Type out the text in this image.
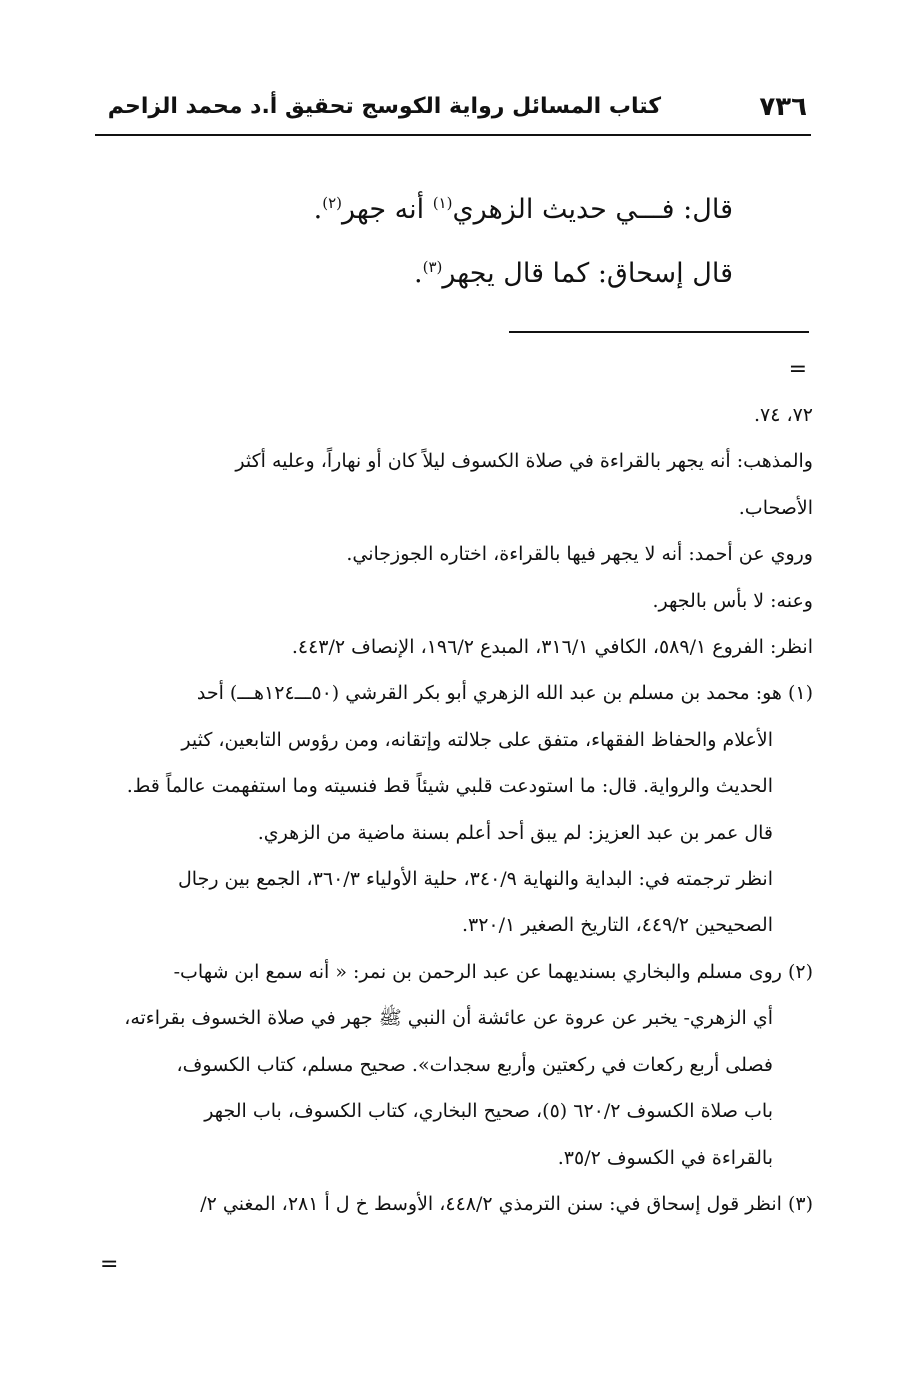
٧٣٦
كتاب المسائل رواية الكوسج تحقيق أ.د محمد الزاحم

قال: فـــي حديث الزهري$^{(١)}$ أنه جهر$^{(٢)}$.

قال إسحاق: كما قال يجهر$^{(٣)}$.

=

٧٢، ٧٤.

والمذهب: أنه يجهر بالقراءة في صلاة الكسوف ليلاً كان أو نهاراً، وعليه أكثر

الأصحاب.

وروي عن أحمد: أنه لا يجهر فيها بالقراءة، اختاره الجوزجاني.

وعنه: لا بأس بالجهر.

انظر: الفروع ٥٨٩/١، الكافي ٣١٦/١، المبدع ١٩٦/٢، الإنصاف ٤٤٣/٢.

(١)هو: محمد بن مسلم بن عبد الله الزهري أبو بكر القرشي (٥٠ـــ١٢٤هـــ) أحد

الأعلام والحفاظ الفقهاء، متفق على جلالته وإتقانه، ومن رؤوس التابعين، كثير

الحديث والرواية. قال: ما استودعت قلبي شيئاً قط فنسيته وما استفهمت عالماً قط.

قال عمر بن عبد العزيز: لم يبق أحد أعلم بسنة ماضية من الزهري.

انظر ترجمته في: البداية والنهاية ٣٤٠/٩، حلية الأولياء ٣٦٠/٣، الجمع بين رجال

الصحيحين ٤٤٩/٢، التاريخ الصغير ٣٢٠/١.

(٢)روى مسلم والبخاري بسنديهما عن عبد الرحمن بن نمر: « أنه سمع ابن شهاب-

أي الزهري- يخبر عن عروة عن عائشة أن النبي ﷺ جهر في صلاة الخسوف بقراءته،

فصلى أربع ركعات في ركعتين وأربع سجدات». صحيح مسلم، كتاب الكسوف،

باب صلاة الكسوف ٦٢٠/٢ (٥)، صحيح البخاري، كتاب الكسوف، باب الجهر

بالقراءة في الكسوف ٣٥/٢.

(٣)انظر قول إسحاق في: سنن الترمذي ٤٤٨/٢، الأوسط خ ل أ ٢٨١، المغني ٢/

=
